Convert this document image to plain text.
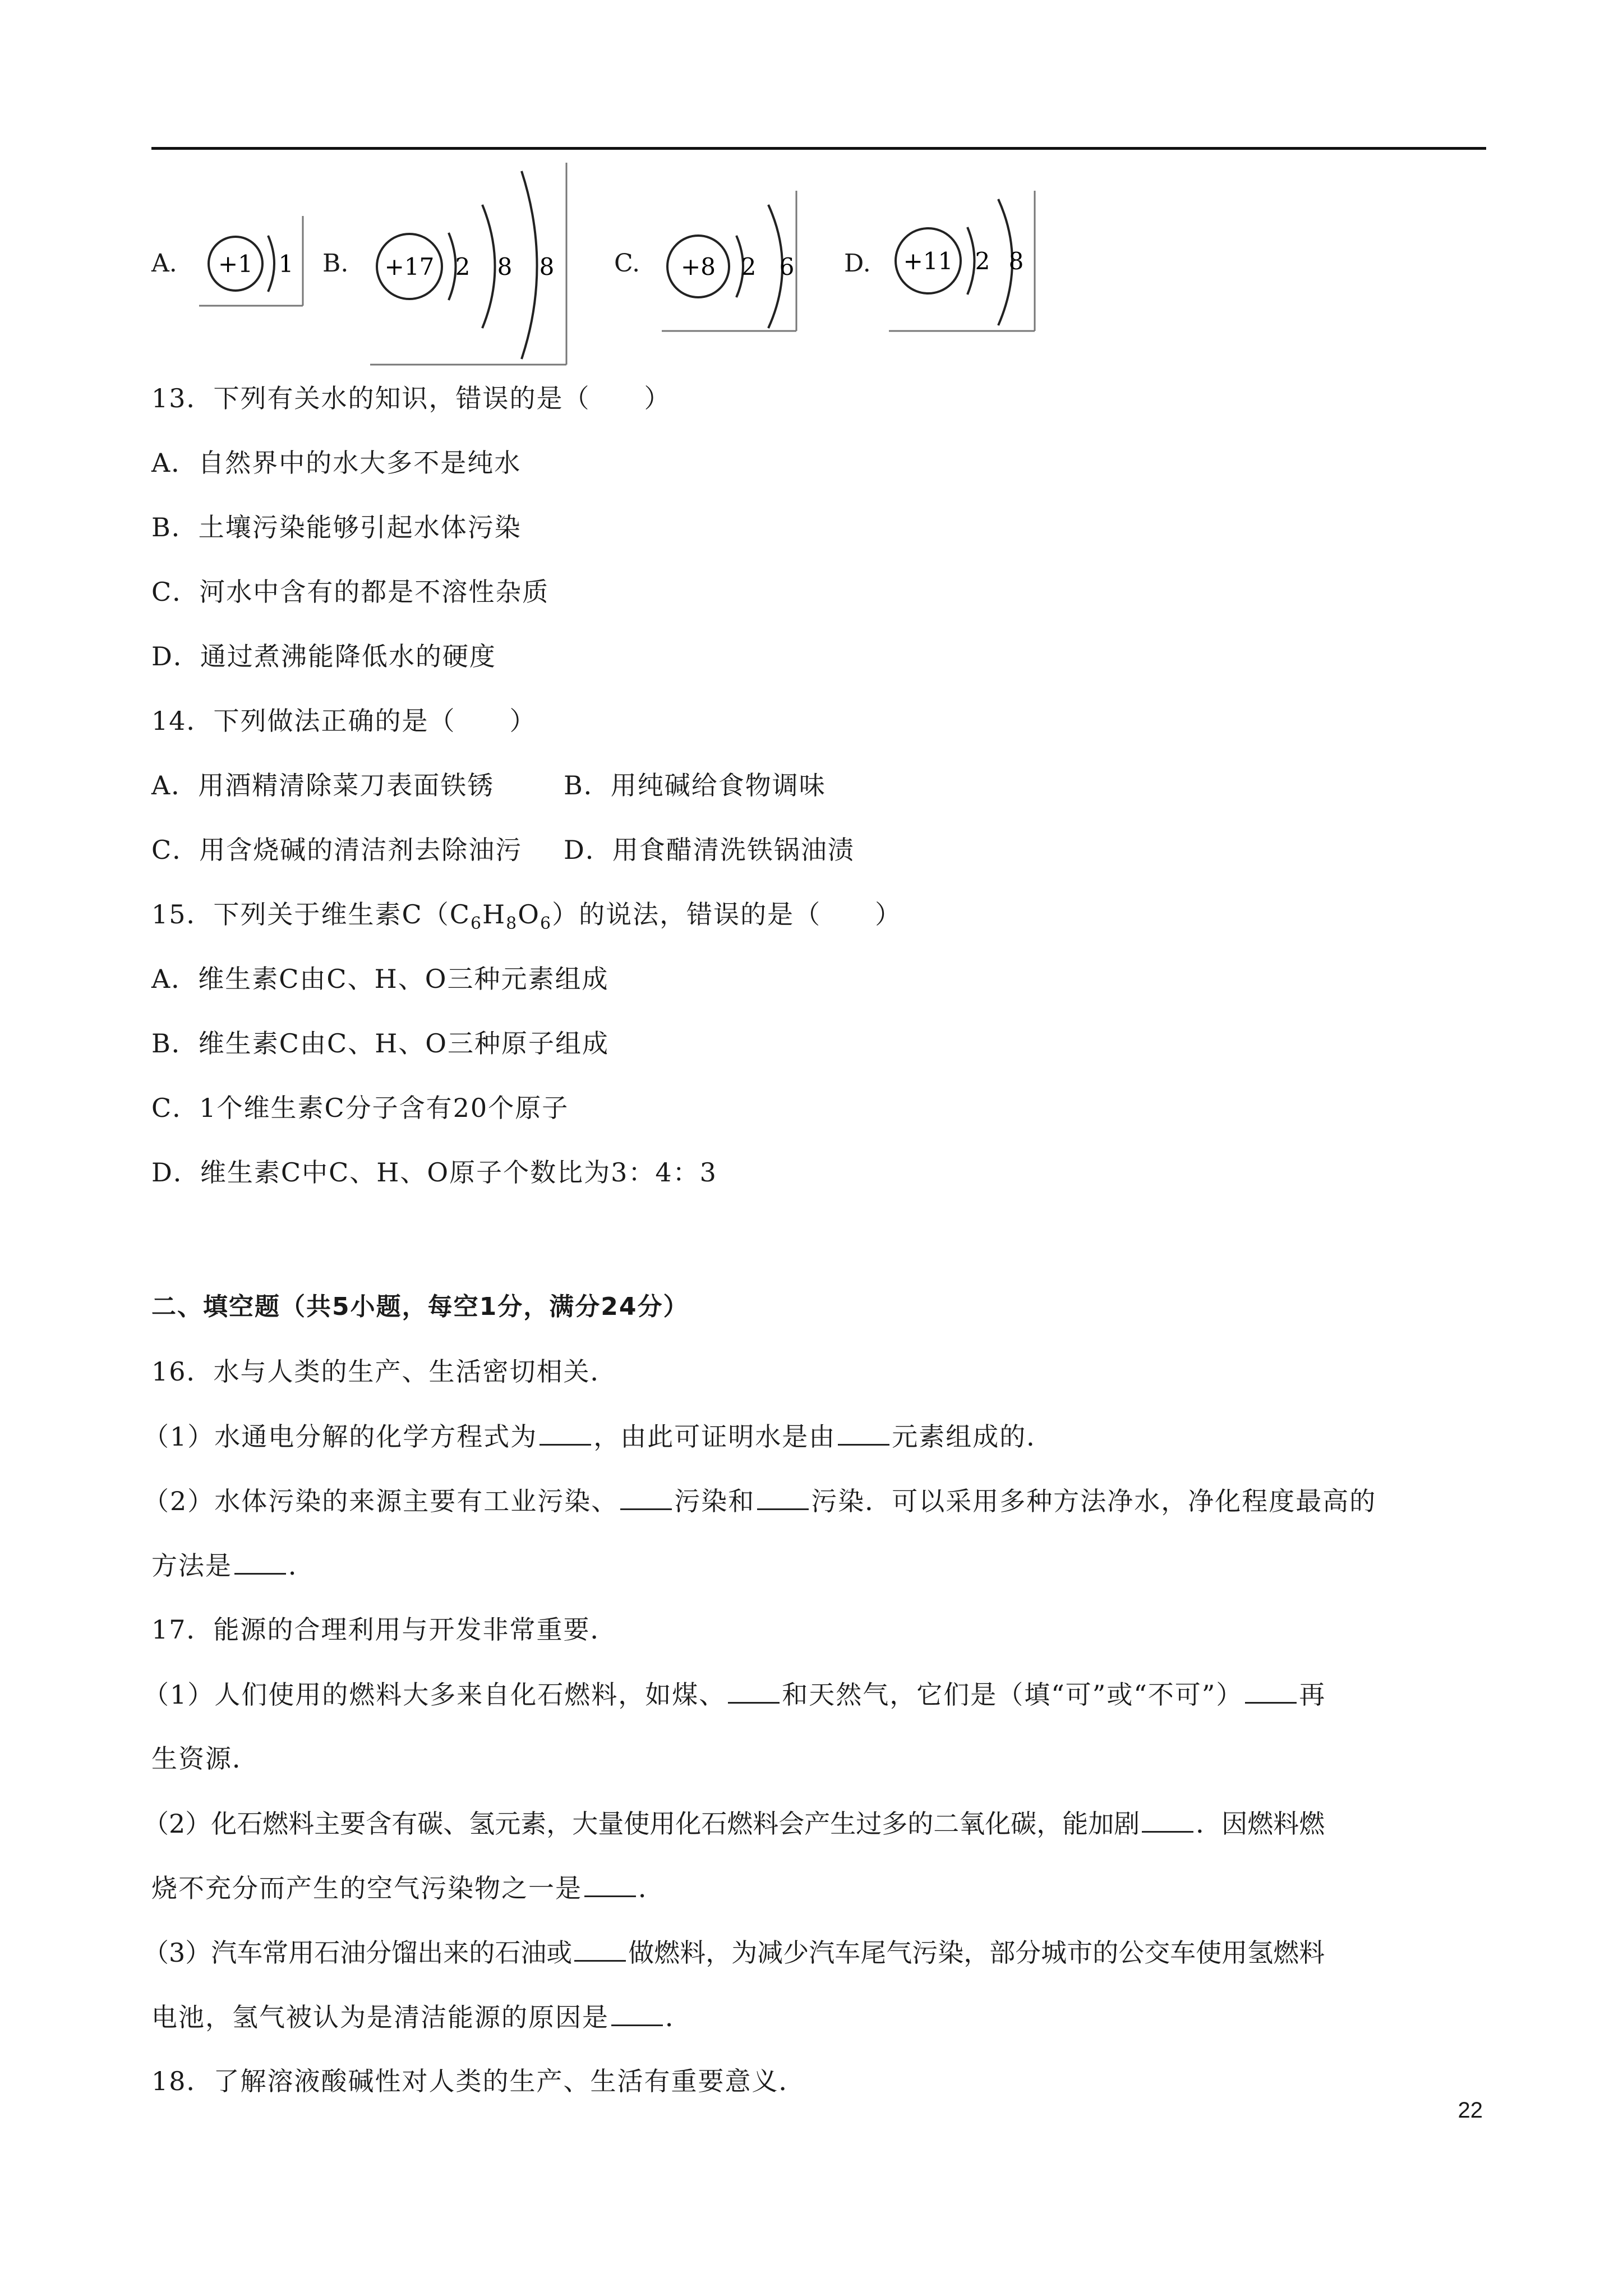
A. +1 1 B. +17 2 8 8 C. +8 2 6 D. +11 2 8
13．下列有关水的知识，错误的是（　　）
A．自然界中的水大多不是纯水
B．土壤污染能够引起水体污染
C．河水中含有的都是不溶性杂质
D．通过煮沸能降低水的硬度
14．下列做法正确的是（　　）
A．用酒精清除菜刀表面铁锈	B．用纯碱给食物调味
C．用含烧碱的清洁剂去除油污 D．用食醋清洗铁锅油渍
15．下列关于维生素$C(C_6H_8O_6)$的说法，错误的是（　　）
A．维生素C由C、H、O三种元素组成
B．维生素C由C、H、O三种原子组成
C．1个维生素C分子含有20个原子
D．维生素C中C、H、O原子个数比为3：4：3
二、填空题（共5小题，每空1分，满分24分）
16．水与人类的生产、生活密切相关．
（1）水通电分解的化学方程式为 ，由此可证明水是由 元素组成的．
（2）水体污染的来源主要有工业污染、 污染和 污染．可以采用多种方法净水，净化程度最高的
方法是 ．
17．能源的合理利用与开发非常重要．
（1）人们使用的燃料大多来自化石燃料，如煤、 和天然气，它们是（填“可”或“不可”） 再
生资源．
（2）化石燃料主要含有碳、氢元素，大量使用化石燃料会产生过多的二氧化碳，能加剧 ．因燃料燃
烧不充分而产生的空气污染物之一是 ．
（3）汽车常用石油分馏出来的石油或 做燃料，为减少汽车尾气污染，部分城市的公交车使用氢燃料
电池，氢气被认为是清洁能源的原因是 ．
18．了解溶液酸碱性对人类的生产、生活有重要意义．
22
